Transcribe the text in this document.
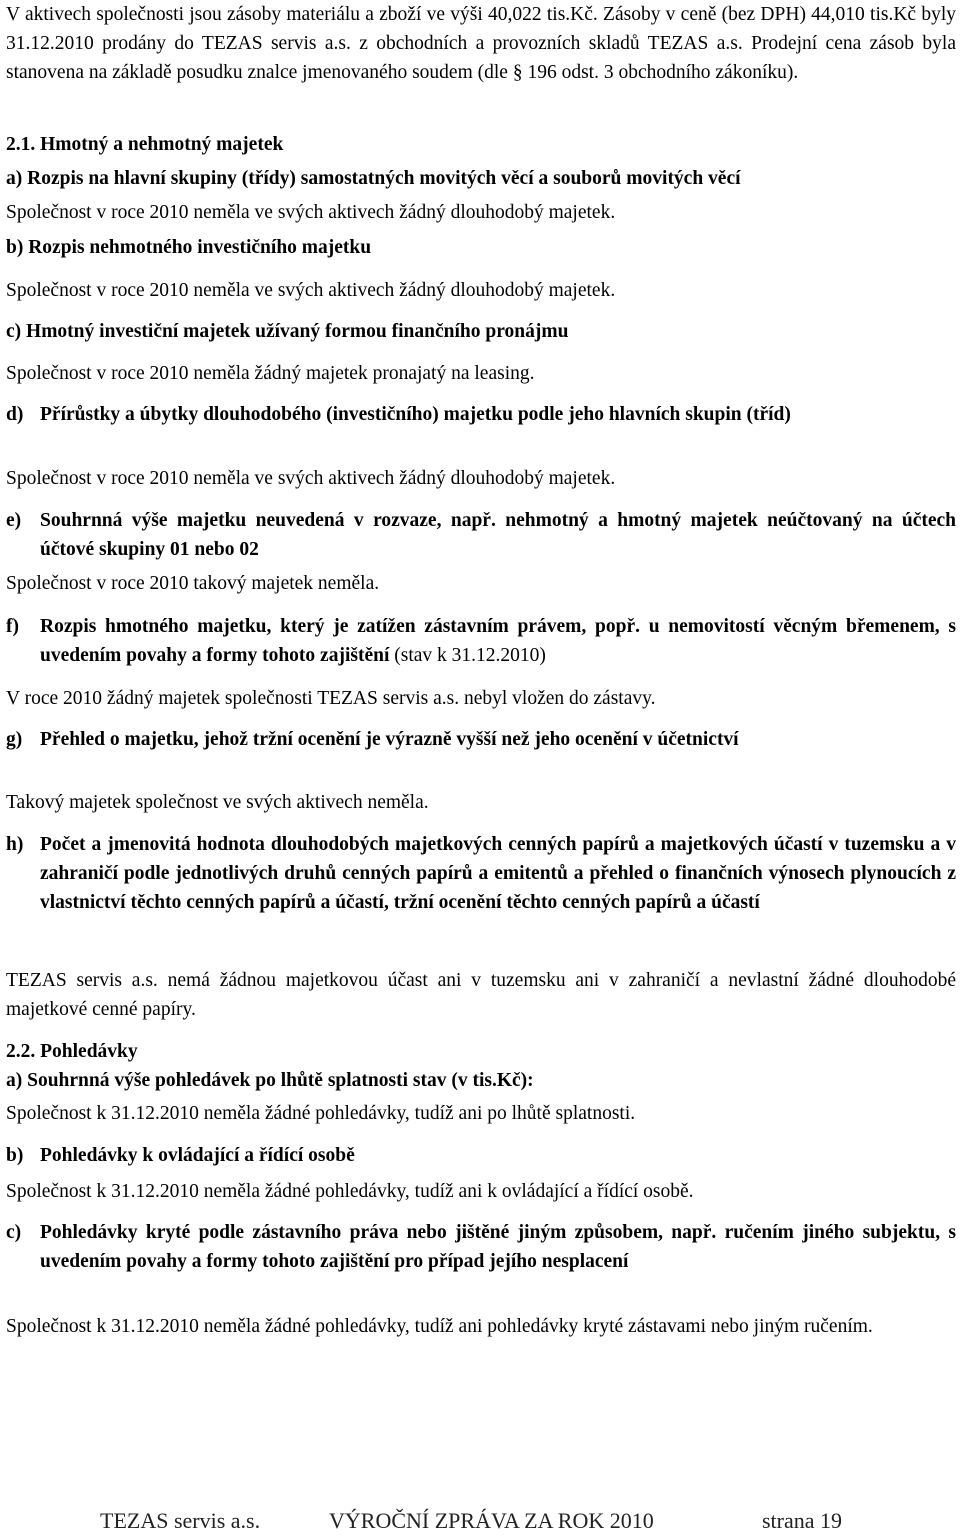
V aktivech společnosti jsou zásoby materiálu a zboží ve výši 40,022 tis.Kč. Zásoby v ceně (bez DPH) 44,010 tis.Kč byly 31.12.2010 prodány do TEZAS servis a.s. z obchodních a provozních skladů TEZAS a.s. Prodejní cena zásob byla stanovena na základě posudku znalce jmenovaného soudem (dle § 196 odst. 3 obchodního zákoníku).
2.1. Hmotný a nehmotný majetek
a) Rozpis na hlavní skupiny (třídy) samostatných movitých věcí a souborů movitých věcí
Společnost v roce 2010 neměla ve svých aktivech žádný dlouhodobý majetek.
b) Rozpis nehmotného investičního majetku
Společnost v roce 2010 neměla ve svých aktivech žádný dlouhodobý majetek.
c) Hmotný investiční majetek užívaný formou finančního pronájmu
Společnost v roce 2010 neměla žádný majetek pronajatý na leasing.
d) Přírůstky a úbytky dlouhodobého (investičního) majetku podle jeho hlavních skupin (tříd)
Společnost v roce 2010 neměla ve svých aktivech žádný dlouhodobý majetek.
e) Souhrnná výše majetku neuvedená v rozvaze, např. nehmotný a hmotný majetek neúčtovaný na účtech účtové skupiny 01 nebo 02
Společnost v roce 2010 takový majetek neměla.
f)	Rozpis hmotného majetku, který je zatížen zástavním právem, popř. u nemovitostí věcným břemenem, s uvedením povahy a formy tohoto zajištění (stav k 31.12.2010)
V roce 2010 žádný majetek společnosti TEZAS servis a.s. nebyl vložen do zástavy.
g) Přehled o majetku, jehož tržní ocenění je výrazně vyšší než jeho ocenění v účetnictví
Takový majetek společnost ve svých aktivech neměla.
h) Počet a jmenovitá hodnota dlouhodobých majetkových cenných papírů a majetkových účastí v tuzemsku a v zahraničí podle jednotlivých druhů cenných papírů a emitentů a přehled o finančních výnosech plynoucích z vlastnictví těchto cenných papírů a účastí, tržní ocenění těchto cenných papírů a účastí
TEZAS servis a.s. nemá žádnou majetkovou účast ani v tuzemsku ani v zahraničí a nevlastní žádné dlouhodobé majetkové cenné papíry.
2.2. Pohledávky
a) Souhrnná výše pohledávek po lhůtě splatnosti stav (v tis.Kč):
Společnost k 31.12.2010 neměla žádné pohledávky, tudíž ani po lhůtě splatnosti.
b) Pohledávky k ovládající a řídící osobě
Společnost k 31.12.2010 neměla žádné pohledávky, tudíž ani k ovládající a řídící osobě.
c) Pohledávky kryté podle zástavního práva nebo jištěné jiným způsobem, např. ručením jiného subjektu, s uvedením povahy a formy tohoto zajištění pro případ jejího nesplacení
Společnost k 31.12.2010 neměla žádné pohledávky, tudíž ani pohledávky kryté zástavami nebo jiným ručením.
TEZAS servis a.s.	VÝROČNÍ ZPRÁVA ZA ROK 2010	strana 19
